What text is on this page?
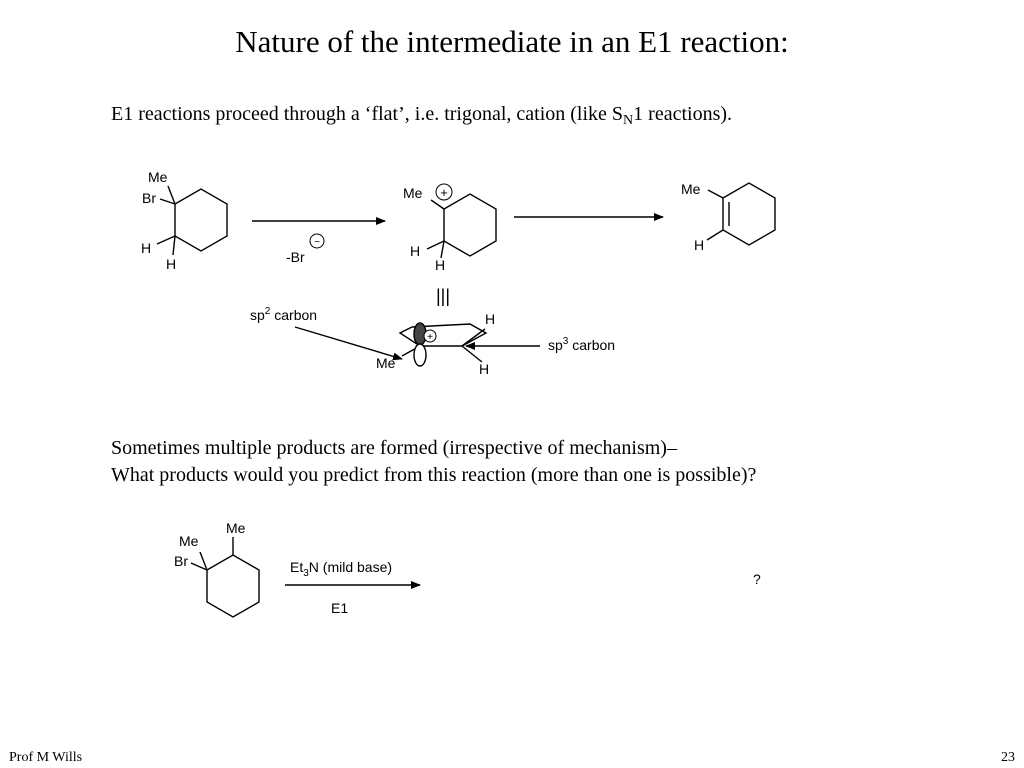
Nature of the intermediate in an E1 reaction:
E1 reactions proceed through a ‘flat’, i.e. trigonal, cation (like $S_N1$ reactions).
Sometimes multiple products are formed (irrespective of mechanism)–
What products would you predict from this reaction (more than one is possible)?
Me
Br
H
H	-Br
−
Me +
H
H
Me
H
|||
$sp^2$ carbon
+
Me
H
H
$sp^3$ carbon
Me
Me
Br	$Et_3N$ (mild base)
E1
?
Prof M Wills	23
